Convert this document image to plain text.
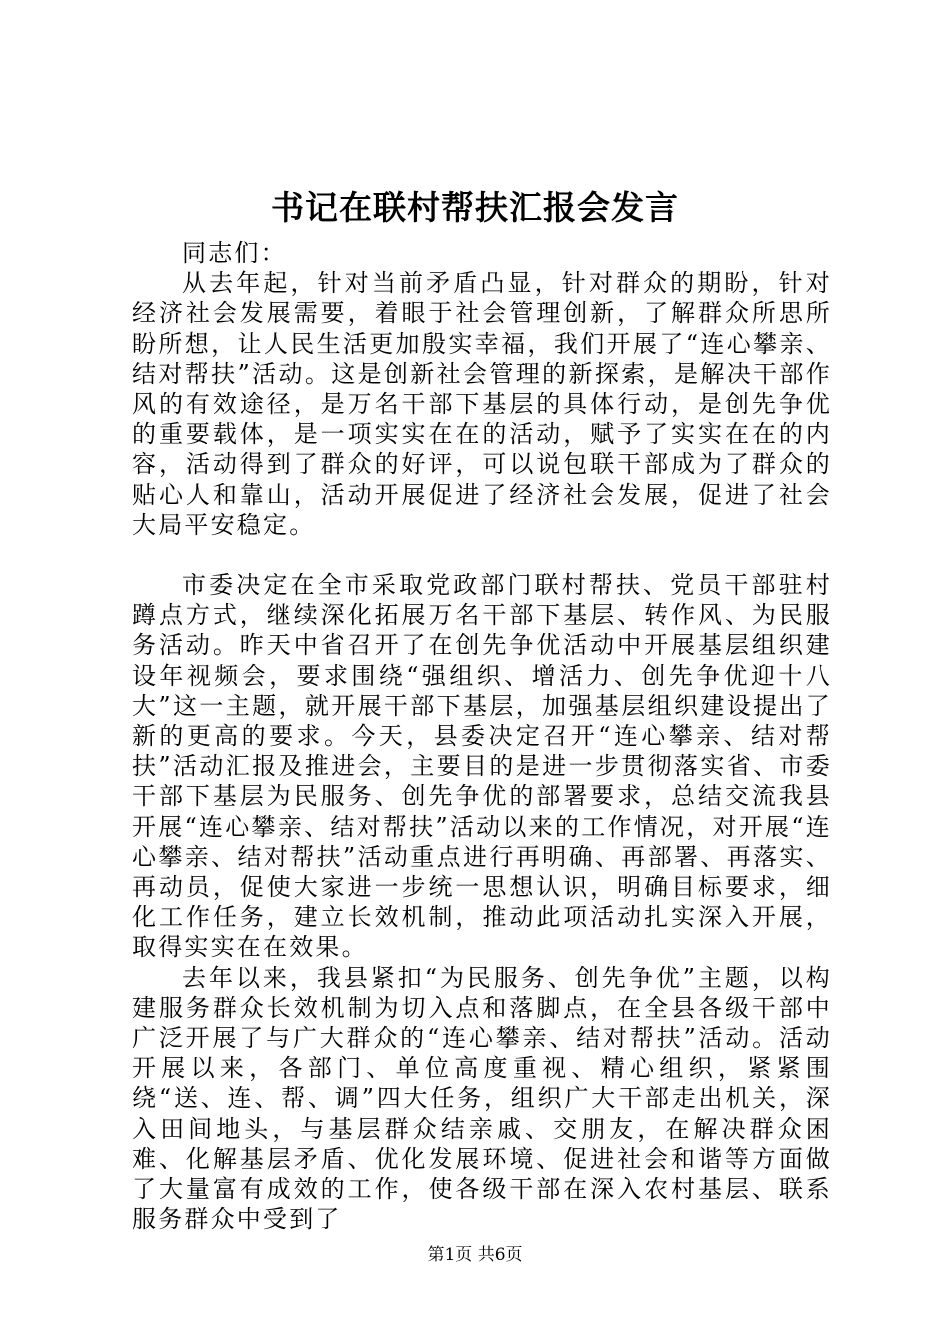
书记在联村帮扶汇报会发言

同志们：

从去年起，针对当前矛盾凸显，针对群众的期盼，针对经济社会发展需要，着眼于社会管理创新，了解群众所思所盼所想，让人民生活更加殷实幸福，我们开展了“连心攀亲、结对帮扶”活动。这是创新社会管理的新探索，是解决干部作风的有效途径，是万名干部下基层的具体行动，是创先争优的重要载体，是一项实实在在的活动，赋予了实实在在的内容，活动得到了群众的好评，可以说包联干部成为了群众的贴心人和靠山，活动开展促进了经济社会发展，促进了社会大局平安稳定。

市委决定在全市采取党政部门联村帮扶、党员干部驻村蹲点方式，继续深化拓展万名干部下基层、转作风、为民服务活动。昨天中省召开了在创先争优活动中开展基层组织建设年视频会，要求围绕“强组织、增活力、创先争优迎十八大”这一主题，就开展干部下基层，加强基层组织建设提出了新的更高的要求。今天，县委决定召开“连心攀亲、结对帮扶”活动汇报及推进会，主要目的是进一步贯彻落实省、市委干部下基层为民服务、创先争优的部署要求，总结交流我县开展“连心攀亲、结对帮扶”活动以来的工作情况，对开展“连心攀亲、结对帮扶”活动重点进行再明确、再部署、再落实、再动员，促使大家进一步统一思想认识，明确目标要求，细化工作任务，建立长效机制，推动此项活动扎实深入开展，取得实实在在效果。

去年以来，我县紧扣“为民服务、创先争优”主题，以构建服务群众长效机制为切入点和落脚点，在全县各级干部中广泛开展了与广大群众的“连心攀亲、结对帮扶”活动。活动开展以来，各部门、单位高度重视、精心组织，紧紧围绕“送、连、帮、调”四大任务，组织广大干部走出机关，深入田间地头，与基层群众结亲戚、交朋友，在解决群众困难、化解基层矛盾、优化发展环境、促进社会和谐等方面做了大量富有成效的工作，使各级干部在深入农村基层、联系服务群众中受到了

第1页 共6页
